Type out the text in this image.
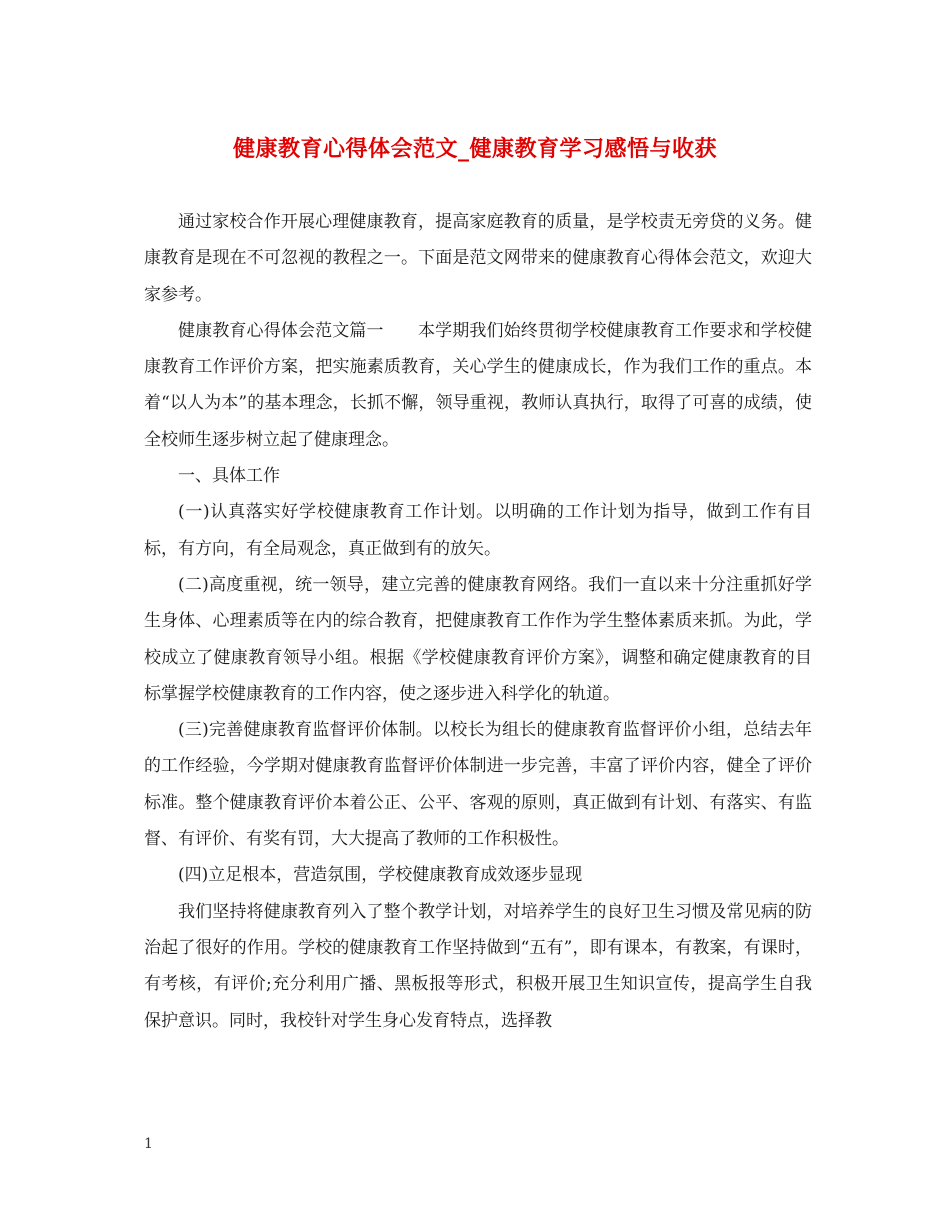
健康教育心得体会范文_健康教育学习感悟与收获

通过家校合作开展心理健康教育，提高家庭教育的质量，是学校责无旁贷的义务。健康教育是现在不可忽视的教程之一。下面是范文网带来的健康教育心得体会范文，欢迎大家参考。

健康教育心得体会范文篇一　　本学期我们始终贯彻学校健康教育工作要求和学校健康教育工作评价方案，把实施素质教育，关心学生的健康成长，作为我们工作的重点。本着“以人为本”的基本理念，长抓不懈，领导重视，教师认真执行，取得了可喜的成绩，使全校师生逐步树立起了健康理念。

一、具体工作

(一)认真落实好学校健康教育工作计划。以明确的工作计划为指导，做到工作有目标，有方向，有全局观念，真正做到有的放矢。

(二)高度重视，统一领导，建立完善的健康教育网络。我们一直以来十分注重抓好学生身体、心理素质等在内的综合教育，把健康教育工作作为学生整体素质来抓。为此，学校成立了健康教育领导小组。根据《学校健康教育评价方案》，调整和确定健康教育的目标掌握学校健康教育的工作内容，使之逐步进入科学化的轨道。

(三)完善健康教育监督评价体制。以校长为组长的健康教育监督评价小组，总结去年的工作经验，今学期对健康教育监督评价体制进一步完善，丰富了评价内容，健全了评价标准。整个健康教育评价本着公正、公平、客观的原则，真正做到有计划、有落实、有监督、有评价、有奖有罚，大大提高了教师的工作积极性。

(四)立足根本，营造氛围，学校健康教育成效逐步显现

我们坚持将健康教育列入了整个教学计划，对培养学生的良好卫生习惯及常见病的防治起了很好的作用。学校的健康教育工作坚持做到“五有”，即有课本，有教案，有课时，有考核，有评价;充分利用广播、黑板报等形式，积极开展卫生知识宣传，提高学生自我保护意识。同时，我校针对学生身心发育特点，选择教

1
